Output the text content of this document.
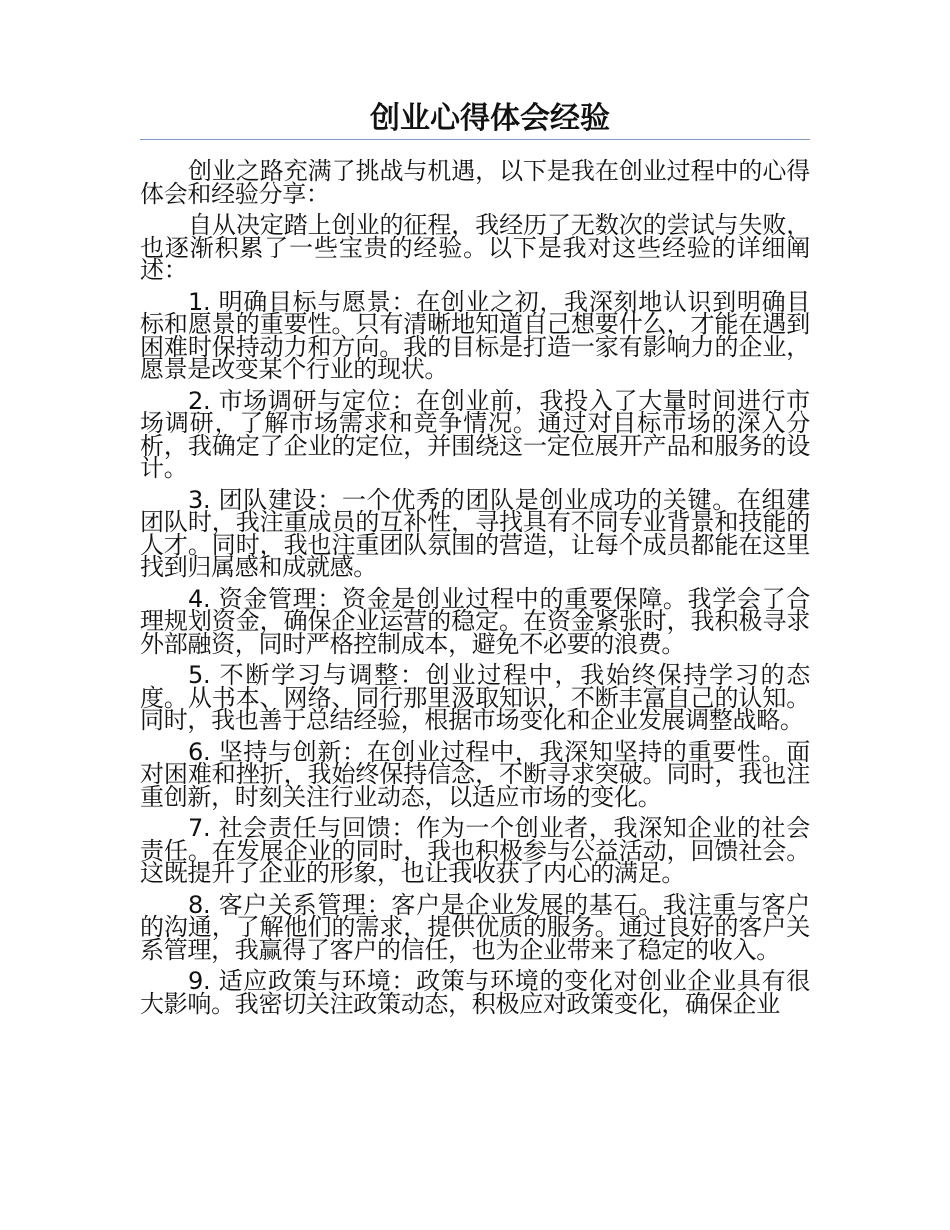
创业心得体会经验

创业之路充满了挑战与机遇，以下是我在创业过程中的心得体会和经验分享：

自从决定踏上创业的征程，我经历了无数次的尝试与失败，也逐渐积累了一些宝贵的经验。以下是我对这些经验的详细阐述：

1. 明确目标与愿景：在创业之初，我深刻地认识到明确目标和愿景的重要性。只有清晰地知道自己想要什么，才能在遇到困难时保持动力和方向。我的目标是打造一家有影响力的企业，愿景是改变某个行业的现状。

2. 市场调研与定位：在创业前，我投入了大量时间进行市场调研，了解市场需求和竞争情况。通过对目标市场的深入分析，我确定了企业的定位，并围绕这一定位展开产品和服务的设计。

3. 团队建设：一个优秀的团队是创业成功的关键。在组建团队时，我注重成员的互补性，寻找具有不同专业背景和技能的人才。同时，我也注重团队氛围的营造，让每个成员都能在这里找到归属感和成就感。

4. 资金管理：资金是创业过程中的重要保障。我学会了合理规划资金，确保企业运营的稳定。在资金紧张时，我积极寻求外部融资，同时严格控制成本，避免不必要的浪费。

5. 不断学习与调整：创业过程中，我始终保持学习的态度。从书本、网络、同行那里汲取知识，不断丰富自己的认知。同时，我也善于总结经验，根据市场变化和企业发展调整战略。

6. 坚持与创新：在创业过程中，我深知坚持的重要性。面对困难和挫折，我始终保持信念，不断寻求突破。同时，我也注重创新，时刻关注行业动态，以适应市场的变化。

7. 社会责任与回馈：作为一个创业者，我深知企业的社会责任。在发展企业的同时，我也积极参与公益活动，回馈社会。这既提升了企业的形象，也让我收获了内心的满足。

8. 客户关系管理：客户是企业发展的基石。我注重与客户的沟通，了解他们的需求，提供优质的服务。通过良好的客户关系管理，我赢得了客户的信任，也为企业带来了稳定的收入。

9. 适应政策与环境：政策与环境的变化对创业企业具有很大影响。我密切关注政策动态，积极应对政策变化，确保企业
